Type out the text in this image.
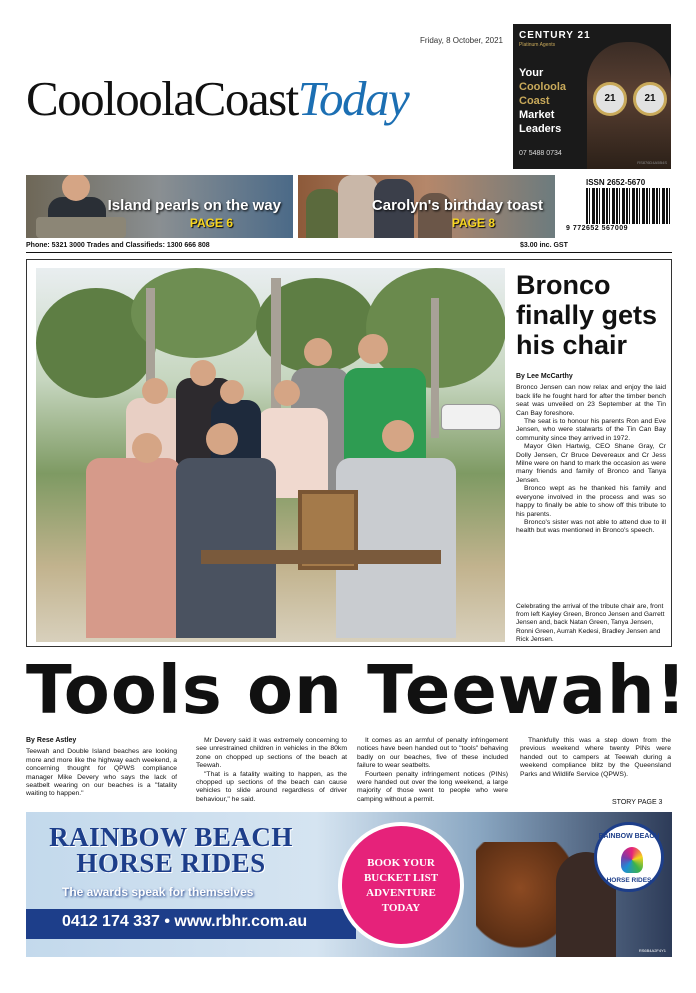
Friday, 8 October, 2021
CooloolaCoastToday	21	21
CENTURY 21
Platinum Agents
Your
Cooloola
Coast
Market
Leaders
07 5488 0734
RS876D4A5B4S
Island pearls on the way
PAGE 6
Carolyn's birthday toast
PAGE 8
ISSN 2652-5670
9 772652 567009
Phone: 5321 3000 Trades and Classifieds: 1300 666 808	$3.00 inc. GST
Bronco finally gets his chair
By Lee McCarthy

Bronco Jensen can now relax and enjoy the laid back life he fought hard for after the timber bench seat was unveiled on 23 September at the Tin Can Bay foreshore.

The seat is to honour his parents Ron and Eve Jensen, who were stalwarts of the Tin Can Bay community since they arrived in 1972.

Mayor Glen Hartwig, CEO Shane Gray, Cr Dolly Jensen, Cr Bruce Devereaux and Cr Jess Milne were on hand to mark the occasion as were many friends and family of Bronco and Tanya Jensen.

Bronco wept as he thanked his family and everyone involved in the process and was so happy to finally be able to show off this tribute to his parents.

Bronco's sister was not able to attend due to ill health but was mentioned in Bronco's speech.

Celebrating the arrival of the tribute chair are, front from left Kayley Green, Bronco Jensen and Garrett Jensen and, back Natan Green, Tanya Jensen, Ronni Green, Aurrah Kedesi, Bradley Jensen and Rick Jensen.
Tools on Teewah!
By Rese Astley

Teewah and Double Island beaches are looking more and more like the highway each weekend, a concerning thought for QPWS compliance manager Mike Devery who says the lack of seatbelt wearing on our beaches is a "fatality waiting to happen."

Mr Devery said it was extremely concerning to see unrestrained children in vehicles in the 80km zone on chopped up sections of the beach at Teewah.

"That is a fatality waiting to happen, as the chopped up sections of the beach can cause vehicles to slide around regardless of driver behaviour," he said.

It comes as an armful of penalty infringement notices have been handed out to "tools" behaving badly on our beaches, five of these included failure to wear seatbelts.

Fourteen penalty infringement notices (PINs) were handed out over the long weekend, a large majority of those went to people who were camping without a permit.

Thankfully this was a step down from the previous weekend where twenty PINs were handed out to campers at Teewah during a weekend compliance blitz by the Queensland Parks and Wildlife Service (QPWS).

STORY PAGE 3
RAINBOW BEACH
HORSE RIDES
The awards speak for themselves
0412 174 337 • www.rbhr.com.au
BOOK YOUR
BUCKET LIST
ADVENTURE
TODAY
RAINBOW BEACH
HORSE RIDES
RS6B4A2F4Y1
